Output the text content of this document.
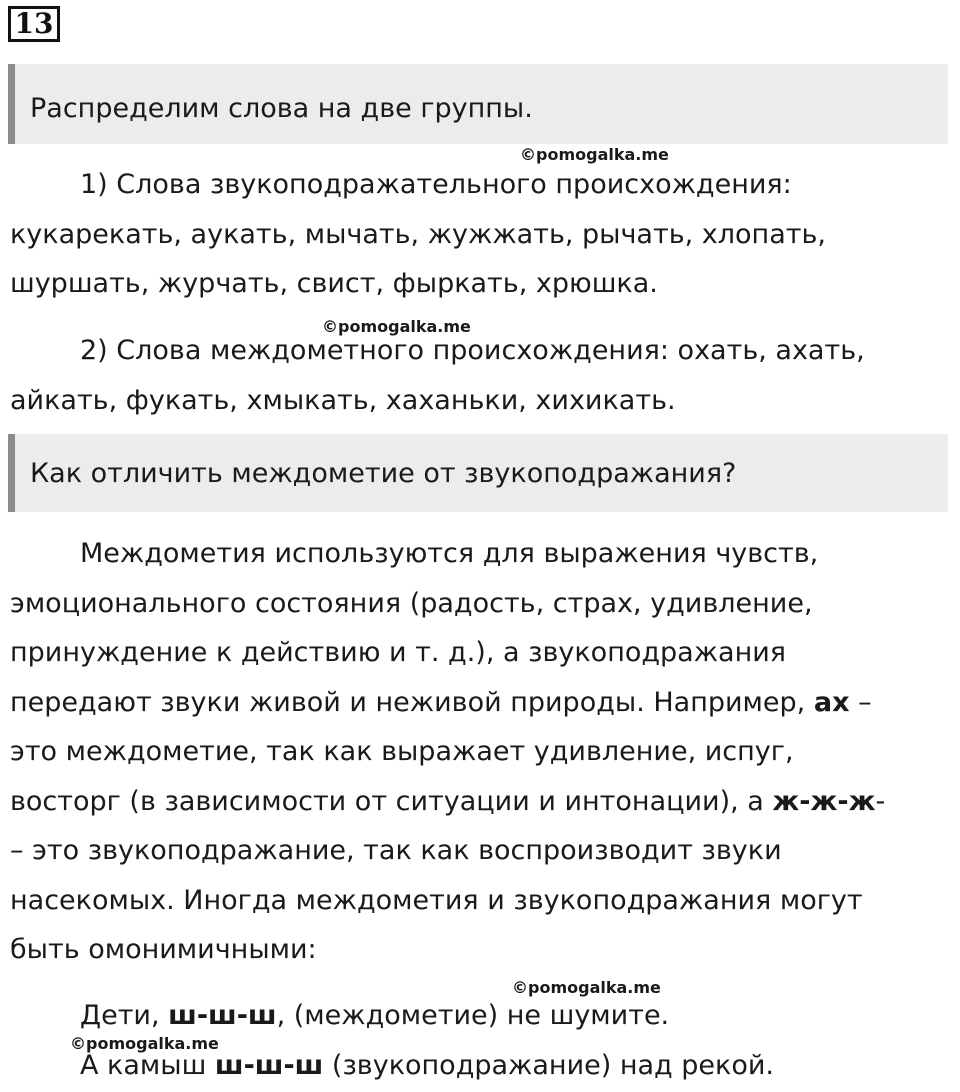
13
Распределим слова на две группы.
©pomogalka.me
1) Слова звукоподражательного происхождения:
кукарекать, аукать, мычать, жужжать, рычать, хлопать,
шуршать, журчать, свист, фыркать, хрюшка.
©pomogalka.me
2) Слова междометного происхождения: охать, ахать,
айкать, фукать, хмыкать, хаханьки, хихикать.
Как отличить междометие от звукоподражания?
Междометия используются для выражения чувств,
эмоционального состояния (радость, страх, удивление,
принуждение к действию и т. д.), а звукоподражания
передают звуки живой и неживой природы. Например, ах –
это междометие, так как выражает удивление, испуг,
восторг (в зависимости от ситуации и интонации), а ж-ж-ж-
– это звукоподражание, так как воспроизводит звуки
насекомых. Иногда междометия и звукоподражания могут
быть омонимичными:
©pomogalka.me
Дети, ш-ш-ш, (междометие) не шумите.
©pomogalka.me
А камыш ш-ш-ш (звукоподражание) над рекой.
